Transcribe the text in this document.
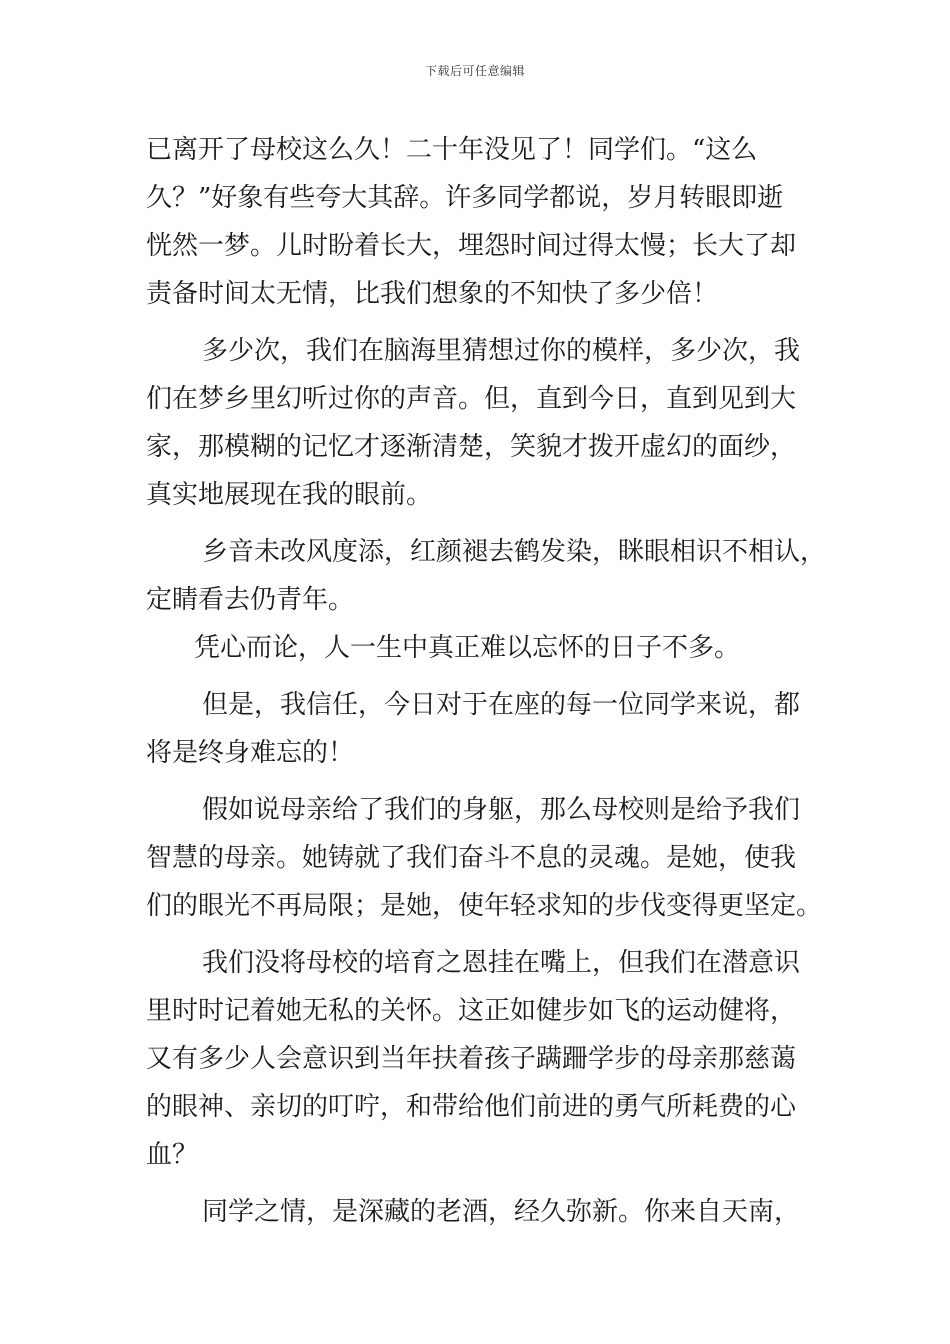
下载后可任意编辑
已离开了母校这么久！二十年没见了！同学们。“这么
久？”好象有些夸大其辞。许多同学都说，岁月转眼即逝
恍然一梦。儿时盼着长大，埋怨时间过得太慢；长大了却
责备时间太无情，比我们想象的不知快了多少倍！
多少次，我们在脑海里猜想过你的模样，多少次，我
们在梦乡里幻听过你的声音。但，直到今日，直到见到大
家，那模糊的记忆才逐渐清楚，笑貌才拨开虚幻的面纱，
真实地展现在我的眼前。
乡音未改风度添，红颜褪去鹤发染，眯眼相识不相认，
定睛看去仍青年。
凭心而论，人一生中真正难以忘怀的日子不多。
但是，我信任，今日对于在座的每一位同学来说，都
将是终身难忘的！
假如说母亲给了我们的身躯，那么母校则是给予我们
智慧的母亲。她铸就了我们奋斗不息的灵魂。是她，使我
们的眼光不再局限；是她，使年轻求知的步伐变得更坚定。
我们没将母校的培育之恩挂在嘴上，但我们在潜意识
里时时记着她无私的关怀。这正如健步如飞的运动健将，
又有多少人会意识到当年扶着孩子蹒跚学步的母亲那慈蔼
的眼神、亲切的叮咛，和带给他们前进的勇气所耗费的心
血？
同学之情，是深藏的老酒，经久弥新。你来自天南，
